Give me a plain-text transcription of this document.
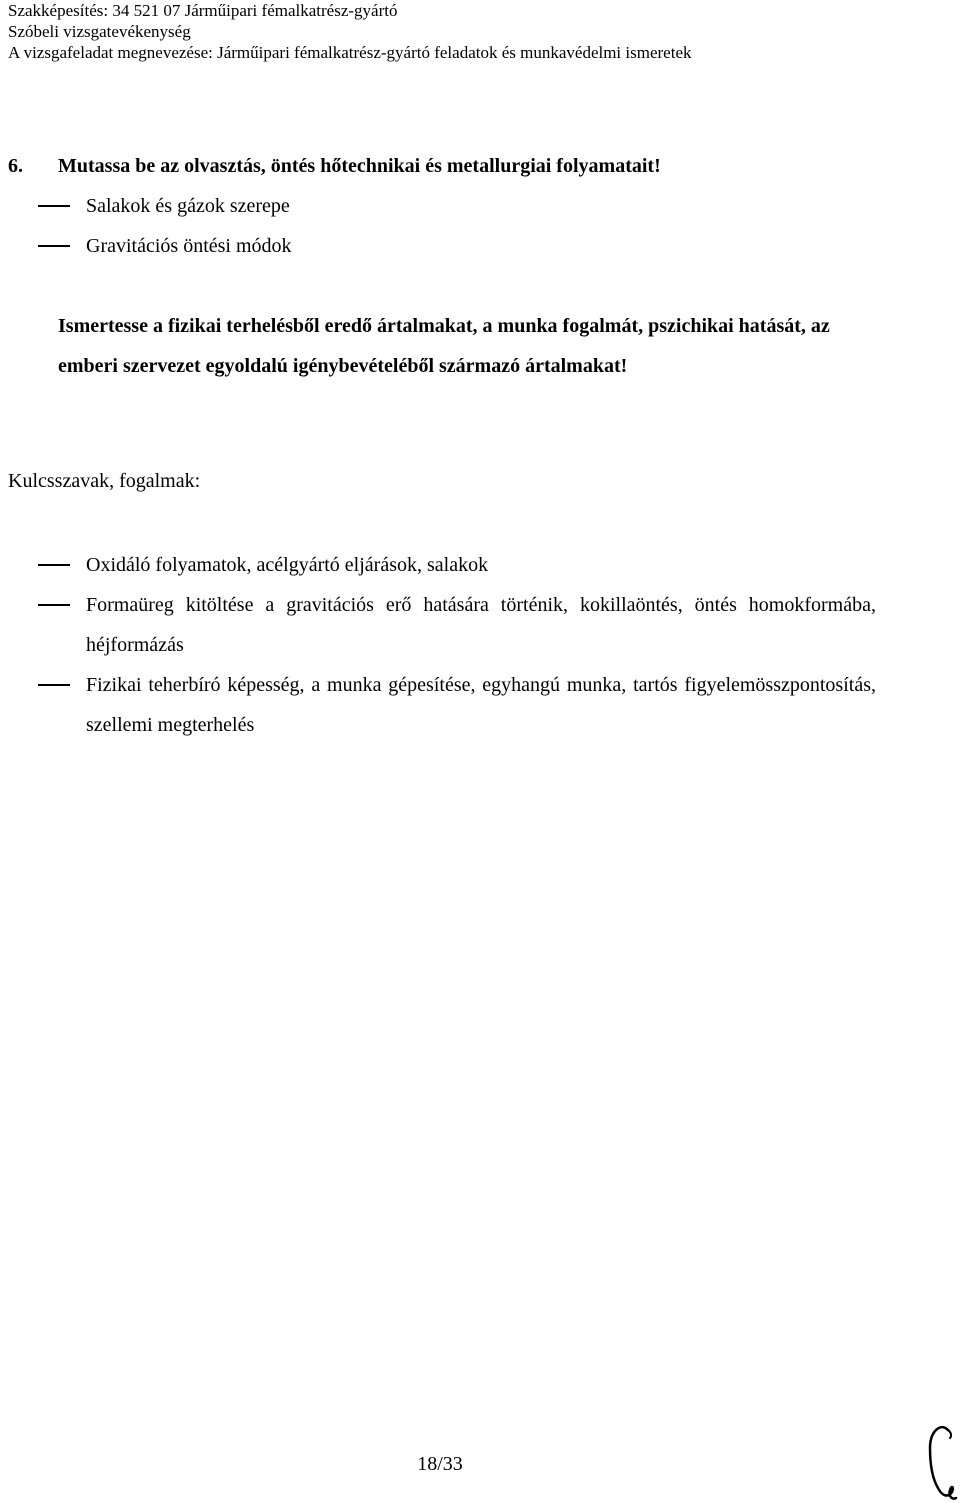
Szakképesítés: 34 521 07 Járműipari fémalkatrész-gyártó
Szóbeli vizsgatevékenység
A vizsgafeladat megnevezése: Járműipari fémalkatrész-gyártó feladatok és munkavédelmi ismeretek
6. Mutassa be az olvasztás, öntés hőtechnikai és metallurgiai folyamatait!
Salakok és gázok szerepe
Gravitációs öntési módok
Ismertesse a fizikai terhelésből eredő ártalmakat, a munka fogalmát, pszichikai hatását, az emberi szervezet egyoldalú igénybevételéből származó ártalmakat!
Kulcsszavak, fogalmak:
Oxidáló folyamatok, acélgyártó eljárások, salakok
Formaüreg kitöltése a gravitációs erő hatására történik, kokillaöntés, öntés homokformába, héjformázás
Fizikai teherbíró képesség, a munka gépesítése, egyhangú munka, tartós figyelemösszpontosítás, szellemi megterhelés
18/33
